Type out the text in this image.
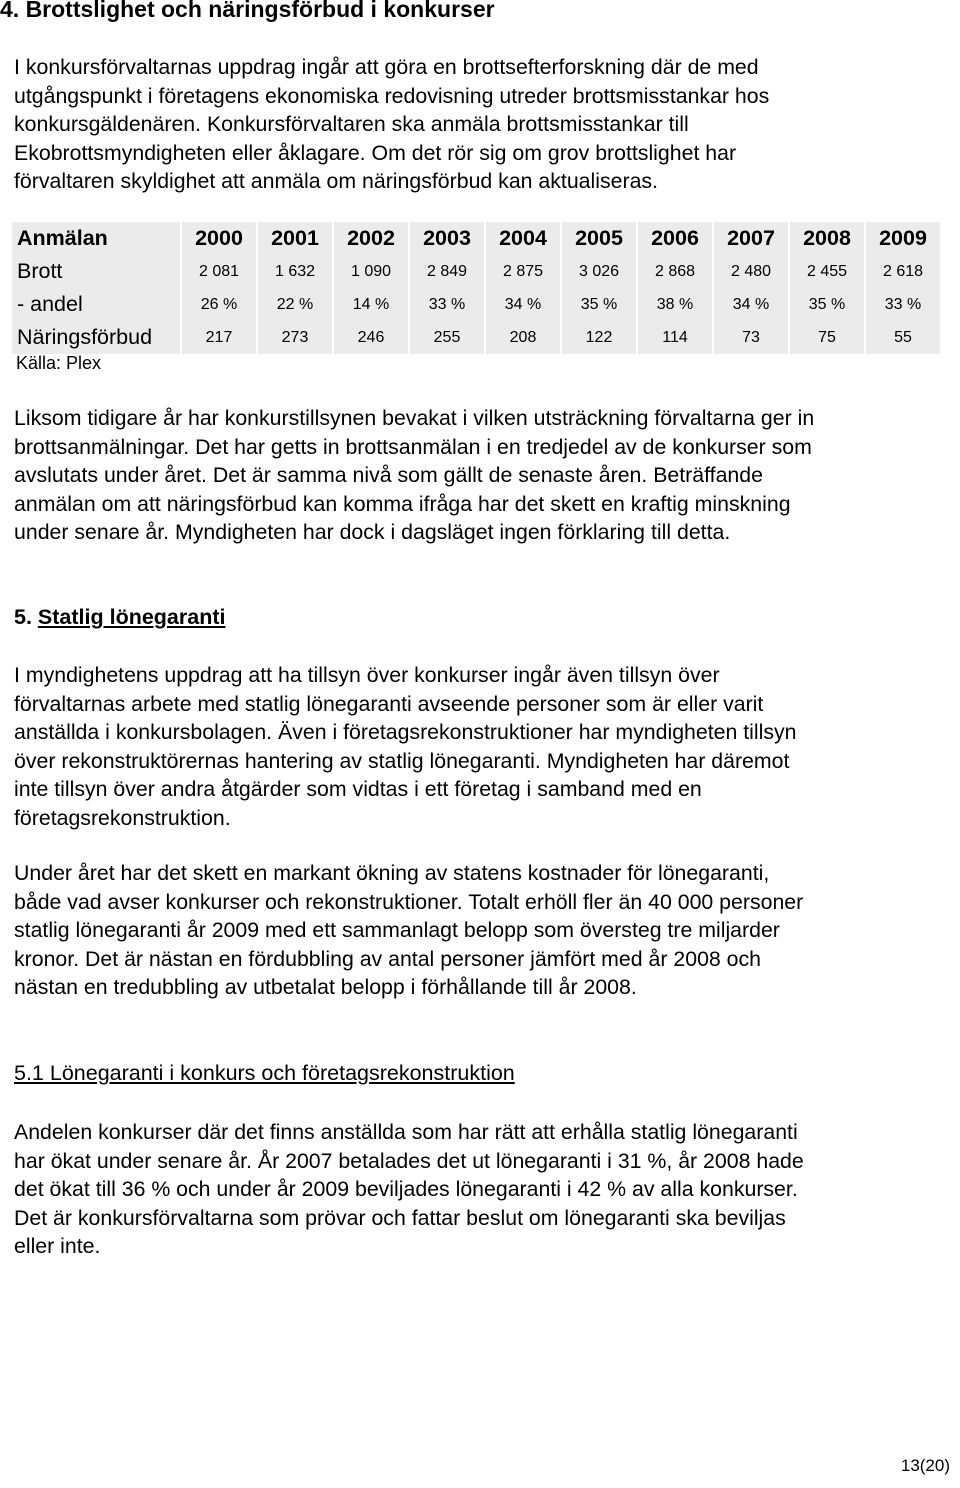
4. Brottslighet och näringsförbud i konkurser
I konkursförvaltarnas uppdrag ingår att göra en brottsefterforskning där de med
utgångspunkt i företagens ekonomiska redovisning utreder brottsmisstankar hos
konkursgäldenären. Konkursförvaltaren ska anmäla brottsmisstankar till
Ekobrottsmyndigheten eller åklagare. Om det rör sig om grov brottslighet har
förvaltaren skyldighet att anmäla om näringsförbud kan aktualiseras.
Anmälan	2000	2001	2002	2003	2004	2005	2006	2007	2008	2009
Brott	2 081	1 632	1 090	2 849	2 875	3 026	2 868	2 480	2 455	2 618
- andel	26 %	22 %	14 %	33 %	34 %	35 %	38 %	34 %	35 %	33 %
Näringsförbud	217	273	246	255	208	122	114	73	75	55
Källa: Plex
Liksom tidigare år har konkurstillsynen bevakat i vilken utsträckning förvaltarna ger in
brottsanmälningar. Det har getts in brottsanmälan i en tredjedel av de konkurser som
avslutats under året. Det är samma nivå som gällt de senaste åren. Beträffande
anmälan om att näringsförbud kan komma ifråga har det skett en kraftig minskning
under senare år. Myndigheten har dock i dagsläget ingen förklaring till detta.
5. Statlig lönegaranti
I myndighetens uppdrag att ha tillsyn över konkurser ingår även tillsyn över
förvaltarnas arbete med statlig lönegaranti avseende personer som är eller varit
anställda i konkursbolagen. Även i företagsrekonstruktioner har myndigheten tillsyn
över rekonstruktörernas hantering av statlig lönegaranti. Myndigheten har däremot
inte tillsyn över andra åtgärder som vidtas i ett företag i samband med en
företagsrekonstruktion.
Under året har det skett en markant ökning av statens kostnader för lönegaranti,
både vad avser konkurser och rekonstruktioner. Totalt erhöll fler än 40 000 personer
statlig lönegaranti år 2009 med ett sammanlagt belopp som översteg tre miljarder
kronor. Det är nästan en fördubbling av antal personer jämfört med år 2008 och
nästan en tredubbling av utbetalat belopp i förhållande till år 2008.
5.1 Lönegaranti i konkurs och företagsrekonstruktion
Andelen konkurser där det finns anställda som har rätt att erhålla statlig lönegaranti
har ökat under senare år. År 2007 betalades det ut lönegaranti i 31 %, år 2008 hade
det ökat till 36 % och under år 2009 beviljades lönegaranti i 42 % av alla konkurser.
Det är konkursförvaltarna som prövar och fattar beslut om lönegaranti ska beviljas
eller inte.
13(20)
